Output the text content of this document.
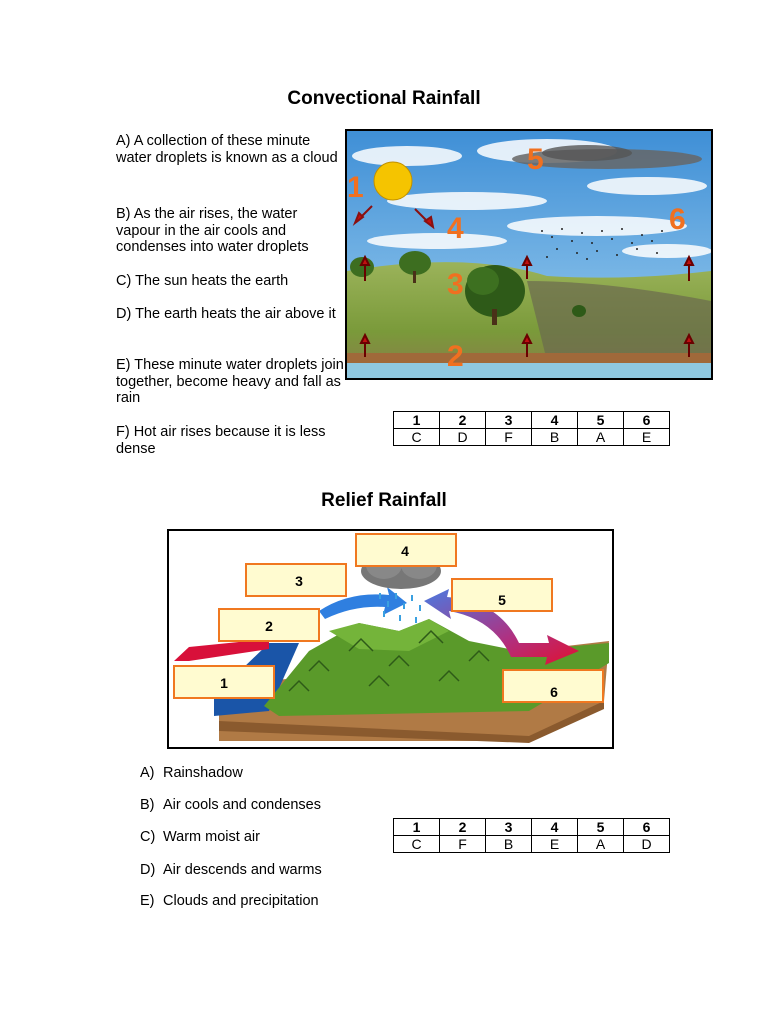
Convectional Rainfall

A) A collection of these minute water droplets is known as a cloud

B) As the air rises, the water vapour in the air cools and condenses into water droplets

C) The sun heats the earth

D) The earth heats the air above it

E) These minute water droplets join together, become heavy and fall as rain

F) Hot air rises because it is less dense

1
2
3
4
5
6
1	2	3	4	5	6
C	D	F	B	A	E
Relief Rainfall
1
2
3
4
5
6

A) Rainshadow

B) Air cools and condenses

C) Warm moist air

D) Air descends and warms

E) Clouds and precipitation

1	2	3	4	5	6
C	F	B	E	A	D
